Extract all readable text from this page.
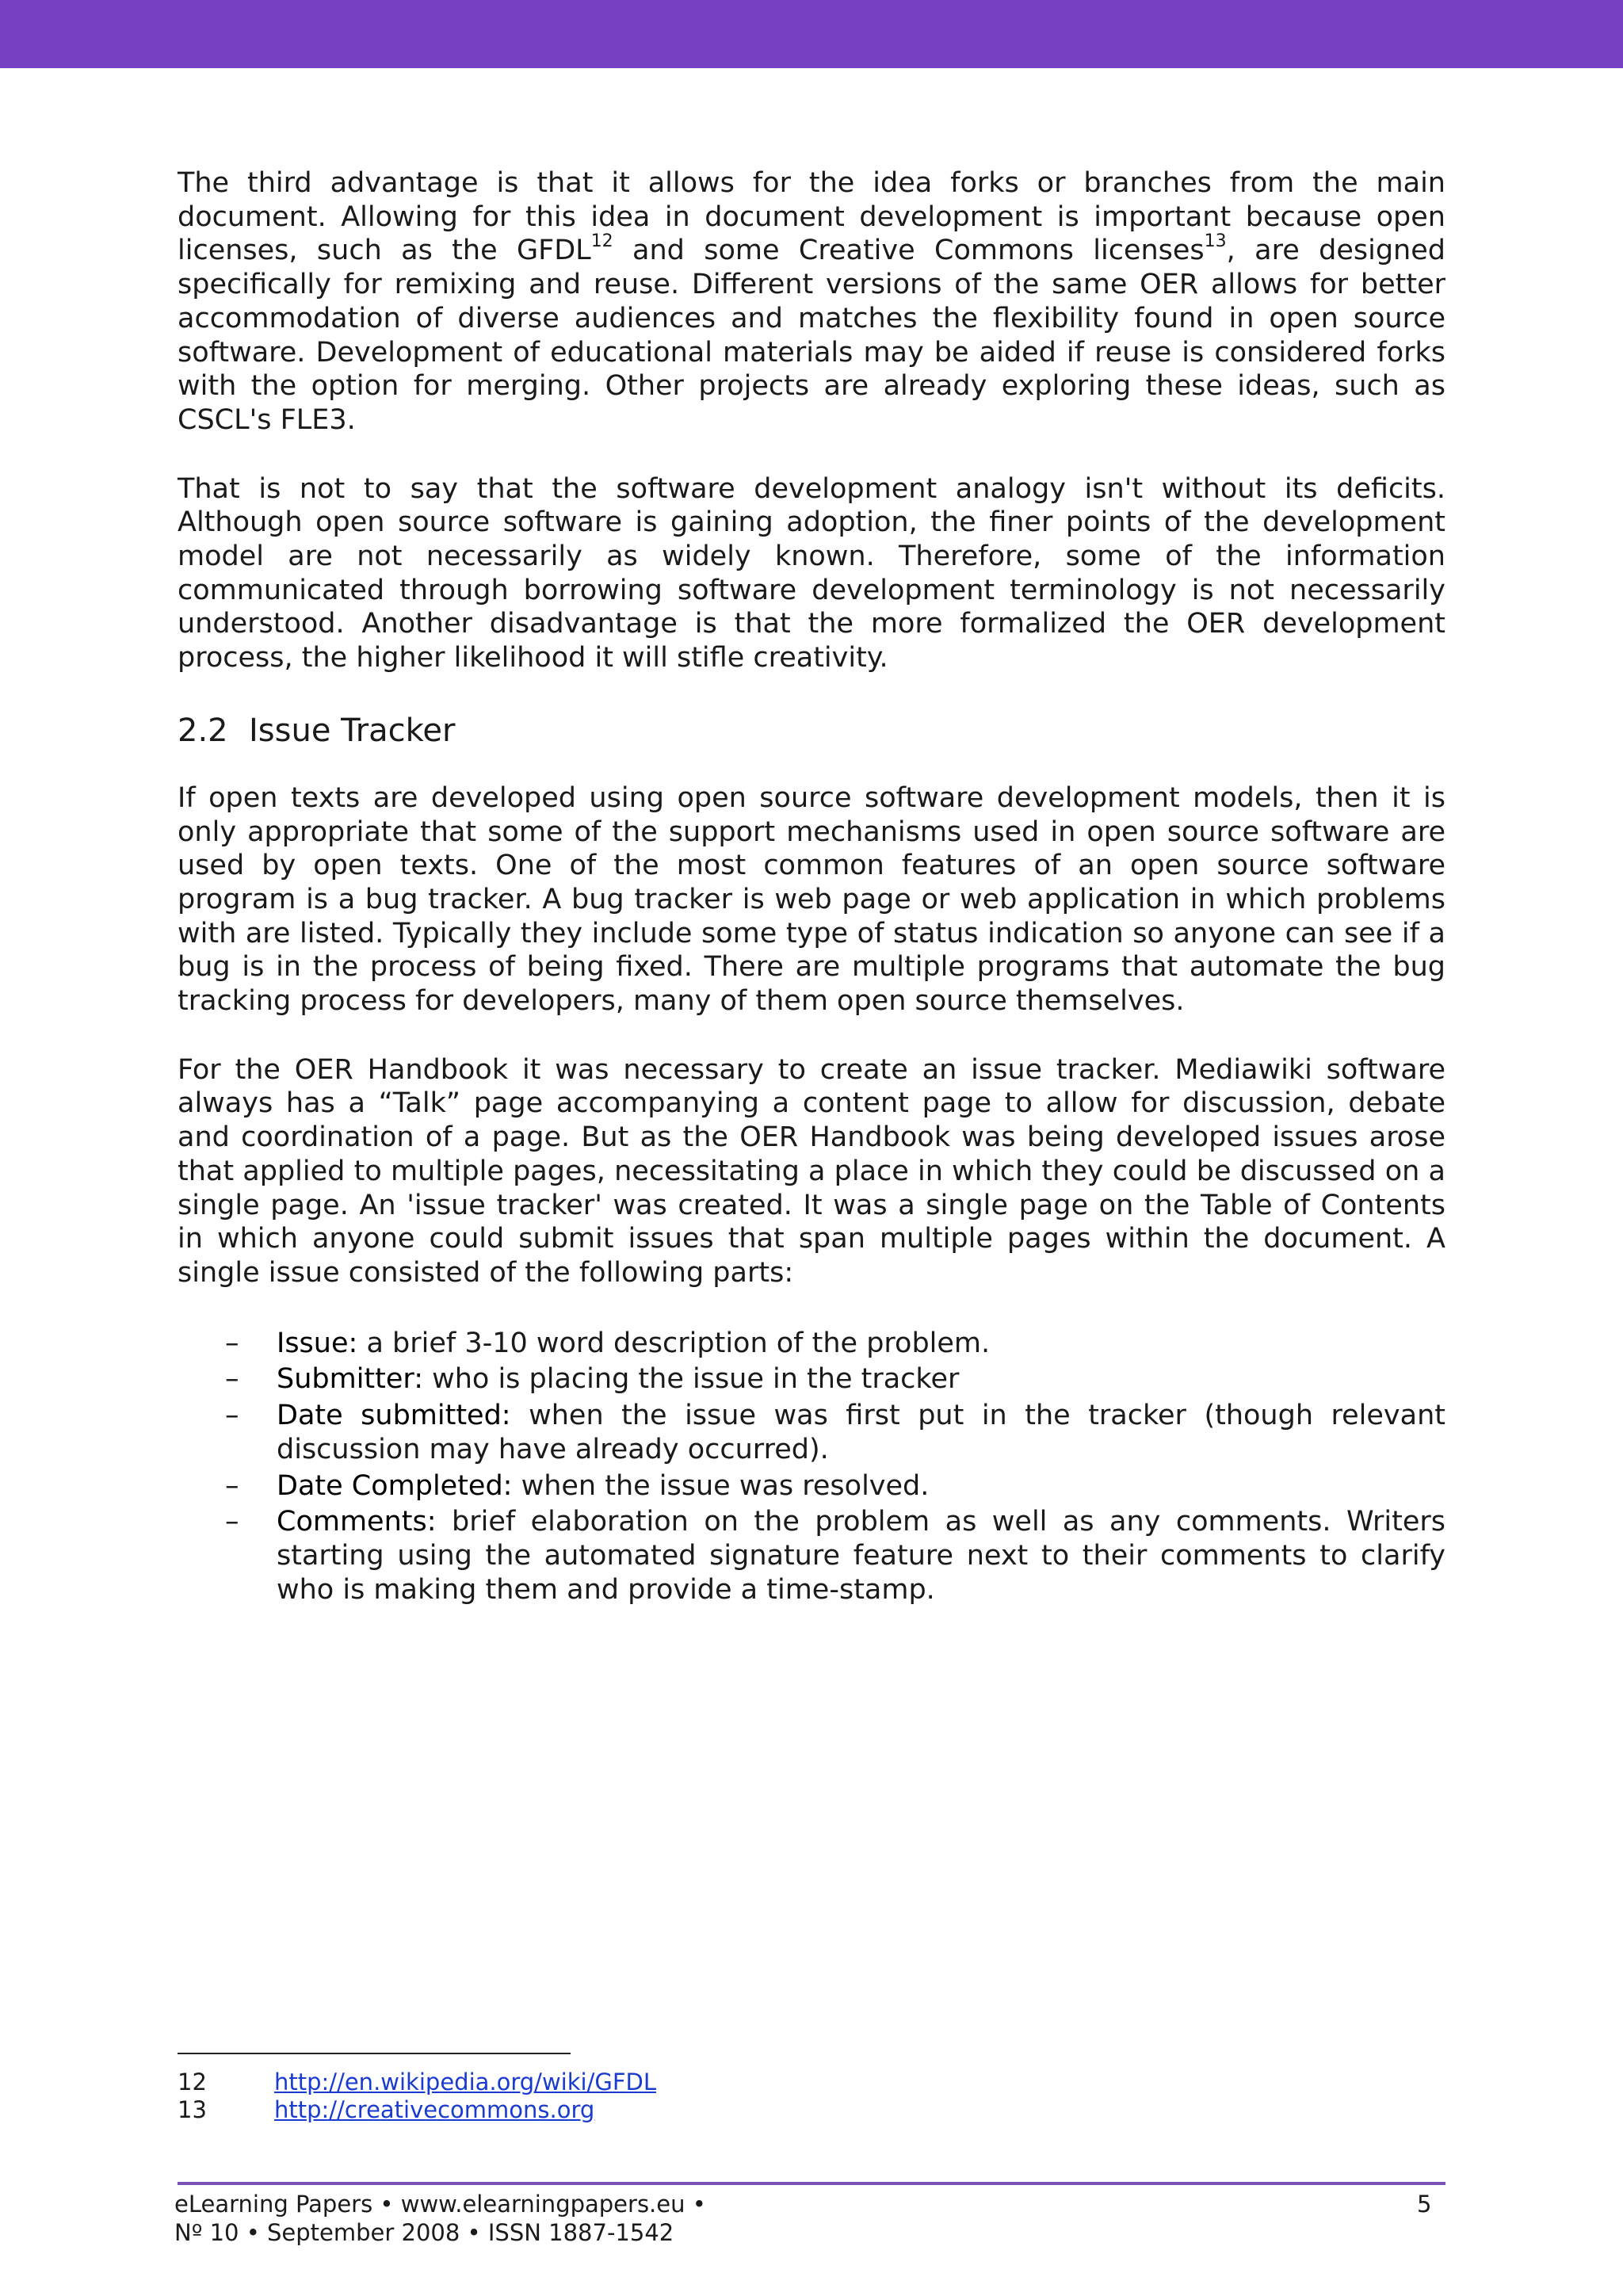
The third advantage is that it allows for the idea forks or branches from the main document. Allowing for this idea in document development is important because open licenses, such as the GFDL$^{12}$ and some Creative Commons licenses$^{13}$, are designed specifically for remixing and reuse. Different versions of the same OER allows for better accommodation of diverse audiences and matches the flexibility found in open source software. Development of educational materials may be aided if reuse is considered forks with the option for merging. Other projects are already exploring these ideas, such as CSCL's FLE3.

That is not to say that the software development analogy isn't without its deficits. Although open source software is gaining adoption, the finer points of the development model are not necessarily as widely known. Therefore, some of the information communicated through borrowing software development terminology is not necessarily understood. Another disadvantage is that the more formalized the OER development process, the higher likelihood it will stifle creativity.

2.2 Issue Tracker

If open texts are developed using open source software development models, then it is only appropriate that some of the support mechanisms used in open source software are used by open texts. One of the most common features of an open source software program is a bug tracker. A bug tracker is web page or web application in which problems with are listed. Typically they include some type of status indication so anyone can see if a bug is in the process of being fixed. There are multiple programs that automate the bug tracking process for developers, many of them open source themselves.

For the OER Handbook it was necessary to create an issue tracker. Mediawiki software always has a “Talk” page accompanying a content page to allow for discussion, debate and coordination of a page. But as the OER Handbook was being developed issues arose that applied to multiple pages, necessitating a place in which they could be discussed on a single page. An 'issue tracker' was created. It was a single page on the Table of Contents in which anyone could submit issues that span multiple pages within the document. A single issue consisted of the following parts:

– Issue: a brief 3-10 word description of the problem.
– Submitter: who is placing the issue in the tracker
– Date submitted: when the issue was first put in the tracker (though relevant discussion may have already occurred).
– Date Completed: when the issue was resolved.
– Comments: brief elaboration on the problem as well as any comments. Writers starting using the automated signature feature next to their comments to clarify who is making them and provide a time-stamp.
12	http://en.wikipedia.org/wiki/GFDL
13	http://creativecommons.org
eLearning Papers • www.elearningpapers.eu •
Nº 10 • September 2008 • ISSN 1887-1542
5
